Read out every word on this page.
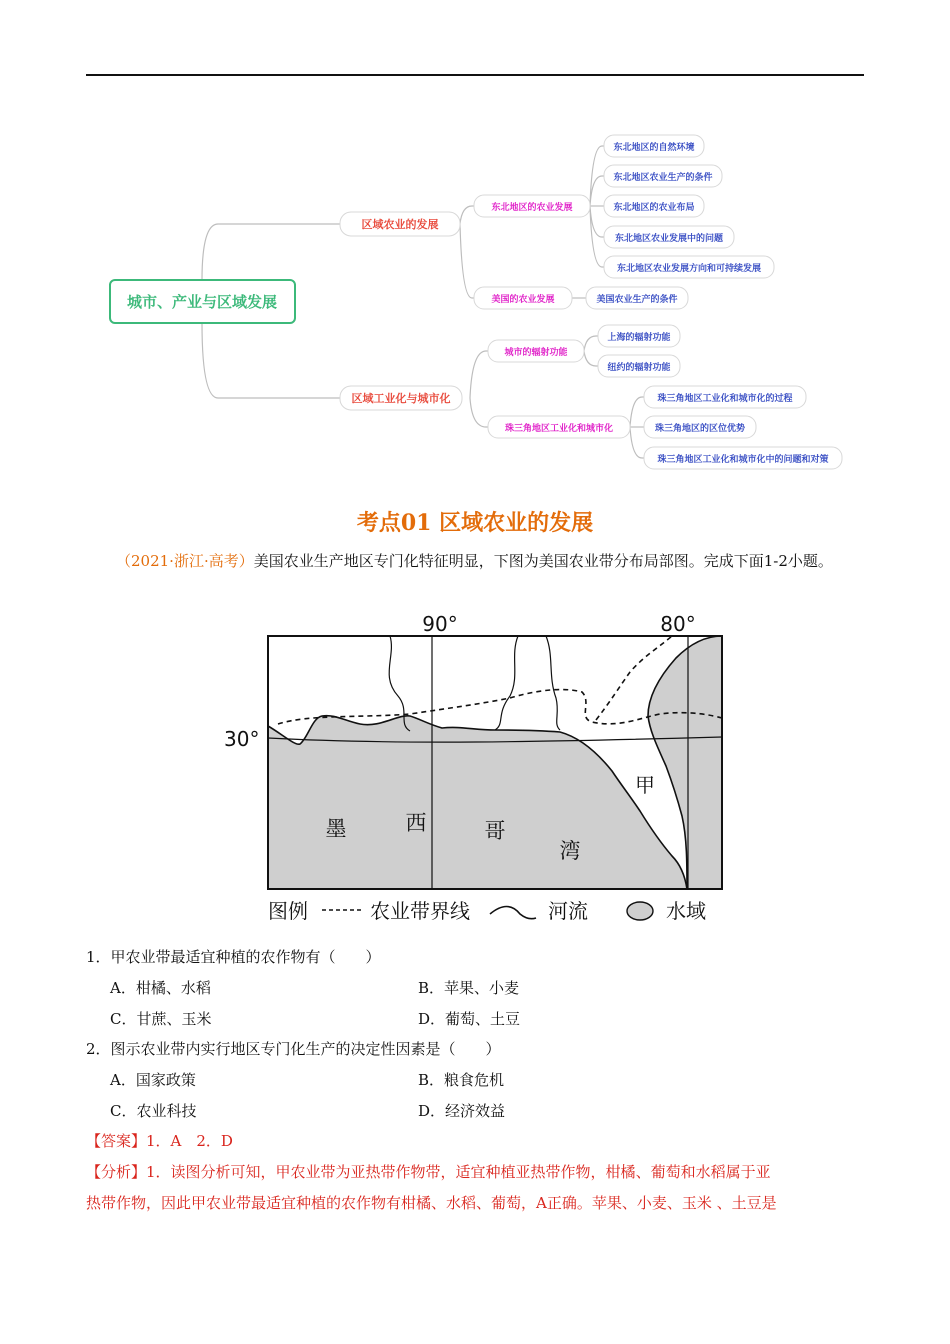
城市、产业与区域发展
区域农业的发展
区域工业化与城市化
东北地区的农业发展
美国的农业发展
城市的辐射功能
珠三角地区工业化和城市化
东北地区的自然环境
东北地区农业生产的条件
东北地区的农业布局
东北地区农业发展中的问题
东北地区农业发展方向和可持续发展
美国农业生产的条件
上海的辐射功能
纽约的辐射功能
珠三角地区工业化和城市化的过程
珠三角地区的区位优势
珠三角地区工业化和城市化中的问题和对策
考点01 区域农业的发展
（2021·浙江·高考）美国农业生产地区专门化特征明显，下图为美国农业带分布局部图。完成下面1-2小题。
90°	80°
30°
甲
墨	西	哥
湾
图例	农业带界线	河流	水域
1．甲农业带最适宜种植的农作物有（　　）
A．柑橘、水稻	B．苹果、小麦
C．甘蔗、玉米	D．葡萄、土豆
2．图示农业带内实行地区专门化生产的决定性因素是（　　）
A．国家政策	B．粮食危机
C．农业科技	D．经济效益
【答案】1．A　2．D
【分析】1．读图分析可知，甲农业带为亚热带作物带，适宜种植亚热带作物，柑橘、葡萄和水稻属于亚
热带作物，因此甲农业带最适宜种植的农作物有柑橘、水稻、葡萄，A正确。苹果、小麦、玉米 、土豆是
